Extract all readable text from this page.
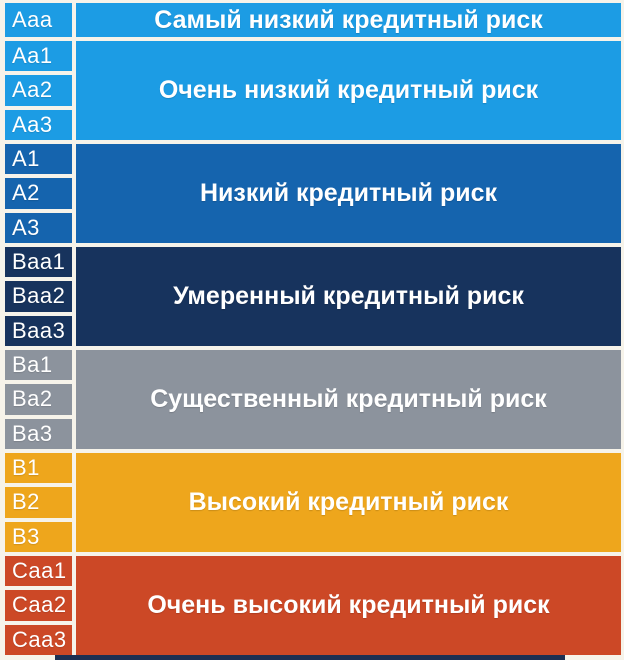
Aaa	Самый низкий кредитный риск
Aa1
Aa2
Aa3
Очень низкий кредитный риск
A1
A2
A3
Низкий кредитный риск
Baa1
Baa2
Baa3
Умеренный кредитный риск
Ba1
Ba2
Ba3
Существенный кредитный риск
B1
B2
B3
Высокий кредитный риск
Caa1
Caa2
Caa3
Очень высокий кредитный риск
